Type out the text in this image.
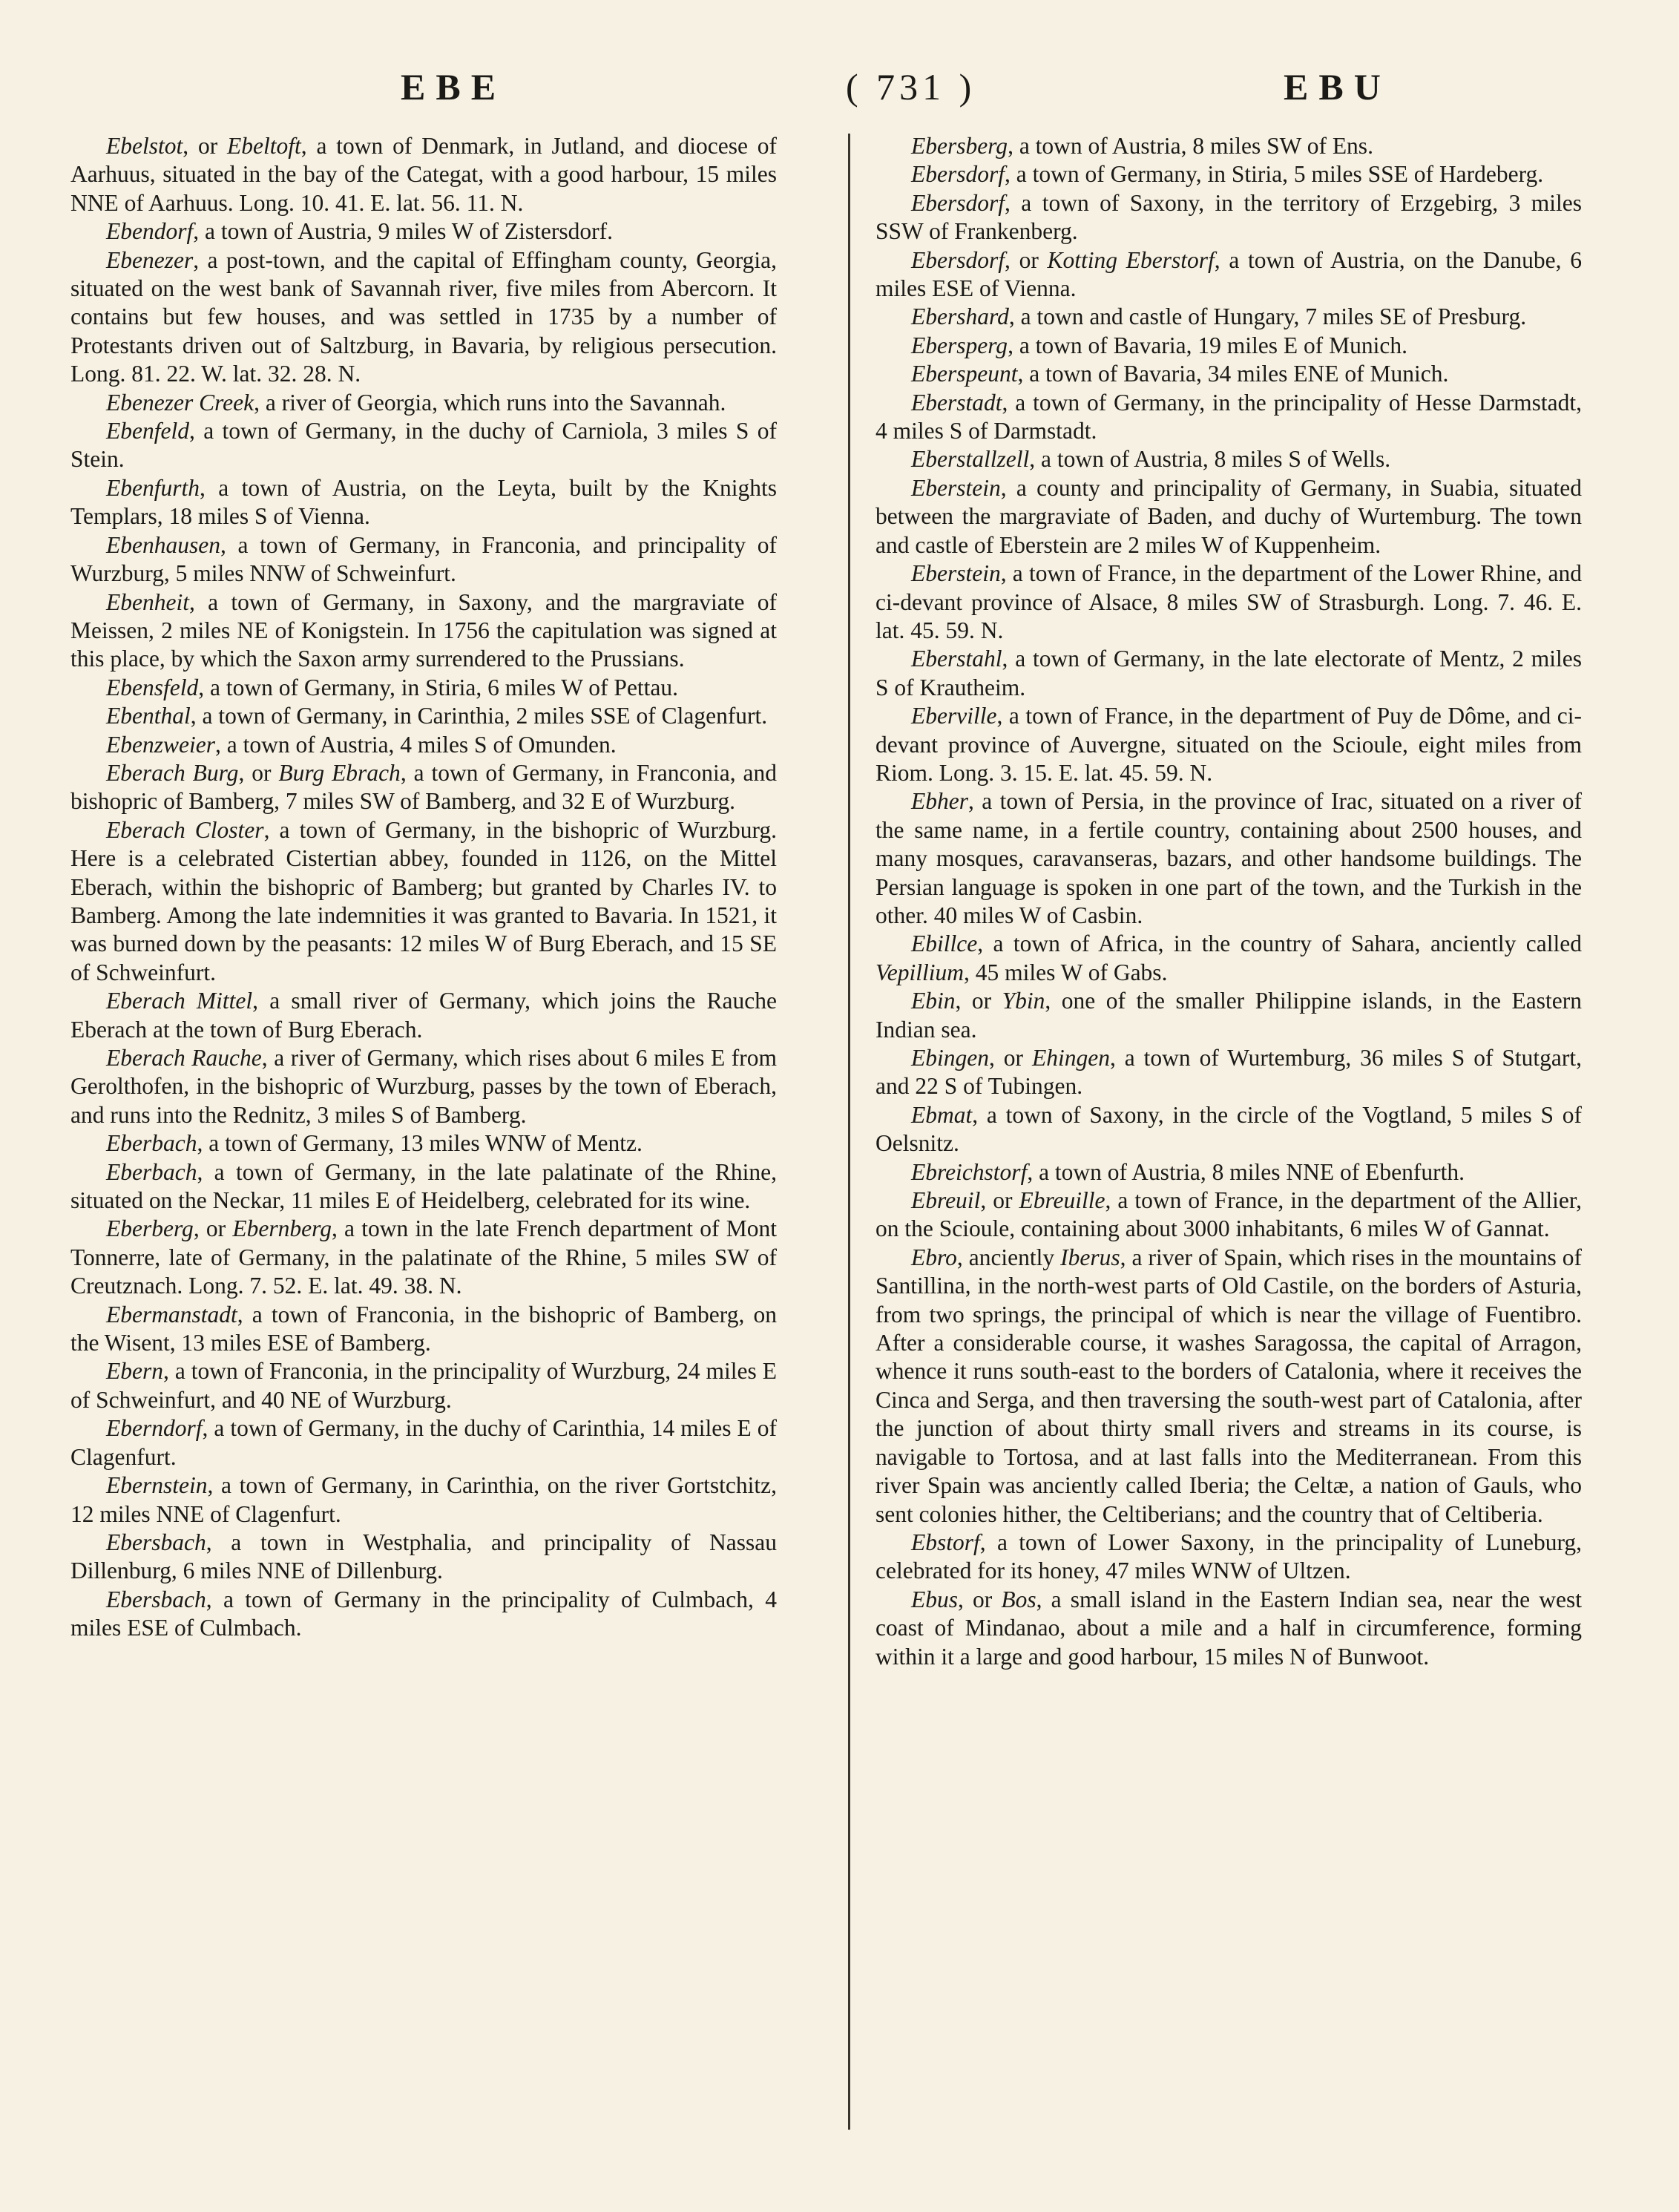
EBE	( 731 )	EBU

Ebelstot, or Ebeltoft, a town of Denmark, in Jutland, and diocese of Aarhuus, situated in the bay of the Categat, with a good harbour, 15 miles NNE of Aarhuus. Long. 10. 41. E. lat. 56. 11. N.

Ebendorf, a town of Austria, 9 miles W of Zistersdorf.

Ebenezer, a post-town, and the capital of Effingham county, Georgia, situated on the west bank of Savannah river, five miles from Abercorn. It contains but few houses, and was settled in 1735 by a number of Protestants driven out of Saltzburg, in Bavaria, by religious persecution. Long. 81. 22. W. lat. 32. 28. N.

Ebenezer Creek, a river of Georgia, which runs into the Savannah.

Ebenfeld, a town of Germany, in the duchy of Carniola, 3 miles S of Stein.

Ebenfurth, a town of Austria, on the Leyta, built by the Knights Templars, 18 miles S of Vienna.

Ebenhausen, a town of Germany, in Franconia, and principality of Wurzburg, 5 miles NNW of Schweinfurt.

Ebenheit, a town of Germany, in Saxony, and the margraviate of Meissen, 2 miles NE of Konigstein. In 1756 the capitulation was signed at this place, by which the Saxon army surrendered to the Prussians.

Ebensfeld, a town of Germany, in Stiria, 6 miles W of Pettau.

Ebenthal, a town of Germany, in Carinthia, 2 miles SSE of Clagenfurt.

Ebenzweier, a town of Austria, 4 miles S of Omunden.

Eberach Burg, or Burg Ebrach, a town of Germany, in Franconia, and bishopric of Bamberg, 7 miles SW of Bamberg, and 32 E of Wurzburg.

Eberach Closter, a town of Germany, in the bishopric of Wurzburg. Here is a celebrated Cistertian abbey, founded in 1126, on the Mittel Eberach, within the bishopric of Bamberg; but granted by Charles IV. to Bamberg. Among the late indemnities it was granted to Bavaria. In 1521, it was burned down by the peasants: 12 miles W of Burg Eberach, and 15 SE of Schweinfurt.

Eberach Mittel, a small river of Germany, which joins the Rauche Eberach at the town of Burg Eberach.

Eberach Rauche, a river of Germany, which rises about 6 miles E from Gerolthofen, in the bishopric of Wurzburg, passes by the town of Eberach, and runs into the Rednitz, 3 miles S of Bamberg.

Eberbach, a town of Germany, 13 miles WNW of Mentz.

Eberbach, a town of Germany, in the late palatinate of the Rhine, situated on the Neckar, 11 miles E of Heidelberg, celebrated for its wine.

Eberberg, or Ebernberg, a town in the late French department of Mont Tonnerre, late of Germany, in the palatinate of the Rhine, 5 miles SW of Creutznach. Long. 7. 52. E. lat. 49. 38. N.

Ebermanstadt, a town of Franconia, in the bishopric of Bamberg, on the Wisent, 13 miles ESE of Bamberg.

Ebern, a town of Franconia, in the principality of Wurzburg, 24 miles E of Schweinfurt, and 40 NE of Wurzburg.

Eberndorf, a town of Germany, in the duchy of Carinthia, 14 miles E of Clagenfurt.

Ebernstein, a town of Germany, in Carinthia, on the river Gortstchitz, 12 miles NNE of Clagenfurt.

Ebersbach, a town in Westphalia, and principality of Nassau Dillenburg, 6 miles NNE of Dillenburg.

Ebersbach, a town of Germany in the principality of Culmbach, 4 miles ESE of Culmbach.

Ebersberg, a town of Austria, 8 miles SW of Ens.

Ebersdorf, a town of Germany, in Stiria, 5 miles SSE of Hardeberg.

Ebersdorf, a town of Saxony, in the territory of Erzgebirg, 3 miles SSW of Frankenberg.

Ebersdorf, or Kotting Eberstorf, a town of Austria, on the Danube, 6 miles ESE of Vienna.

Ebershard, a town and castle of Hungary, 7 miles SE of Presburg.

Ebersperg, a town of Bavaria, 19 miles E of Munich.

Eberspeunt, a town of Bavaria, 34 miles ENE of Munich.

Eberstadt, a town of Germany, in the principality of Hesse Darmstadt, 4 miles S of Darmstadt.

Eberstallzell, a town of Austria, 8 miles S of Wells.

Eberstein, a county and principality of Germany, in Suabia, situated between the margraviate of Baden, and duchy of Wurtemburg. The town and castle of Eberstein are 2 miles W of Kuppenheim.

Eberstein, a town of France, in the department of the Lower Rhine, and ci-devant province of Alsace, 8 miles SW of Strasburgh. Long. 7. 46. E. lat. 45. 59. N.

Eberstahl, a town of Germany, in the late electorate of Mentz, 2 miles S of Krautheim.

Eberville, a town of France, in the department of Puy de Dôme, and ci-devant province of Auvergne, situated on the Scioule, eight miles from Riom. Long. 3. 15. E. lat. 45. 59. N.

Ebher, a town of Persia, in the province of Irac, situated on a river of the same name, in a fertile country, containing about 2500 houses, and many mosques, caravanseras, bazars, and other handsome buildings. The Persian language is spoken in one part of the town, and the Turkish in the other. 40 miles W of Casbin.

Ebillce, a town of Africa, in the country of Sahara, anciently called Vepillium, 45 miles W of Gabs.

Ebin, or Ybin, one of the smaller Philippine islands, in the Eastern Indian sea.

Ebingen, or Ehingen, a town of Wurtemburg, 36 miles S of Stutgart, and 22 S of Tubingen.

Ebmat, a town of Saxony, in the circle of the Vogtland, 5 miles S of Oelsnitz.

Ebreichstorf, a town of Austria, 8 miles NNE of Ebenfurth.

Ebreuil, or Ebreuille, a town of France, in the department of the Allier, on the Scioule, containing about 3000 inhabitants, 6 miles W of Gannat.

Ebro, anciently Iberus, a river of Spain, which rises in the mountains of Santillina, in the north-west parts of Old Castile, on the borders of Asturia, from two springs, the principal of which is near the village of Fuentibro. After a considerable course, it washes Saragossa, the capital of Arragon, whence it runs south-east to the borders of Catalonia, where it receives the Cinca and Serga, and then traversing the south-west part of Catalonia, after the junction of about thirty small rivers and streams in its course, is navigable to Tortosa, and at last falls into the Mediterranean. From this river Spain was anciently called Iberia; the Celtæ, a nation of Gauls, who sent colonies hither, the Celtiberians; and the country that of Celtiberia.

Ebstorf, a town of Lower Saxony, in the principality of Luneburg, celebrated for its honey, 47 miles WNW of Ultzen.

Ebus, or Bos, a small island in the Eastern Indian sea, near the west coast of Mindanao, about a mile and a half in circumference, forming within it a large and good harbour, 15 miles N of Bunwoot.
